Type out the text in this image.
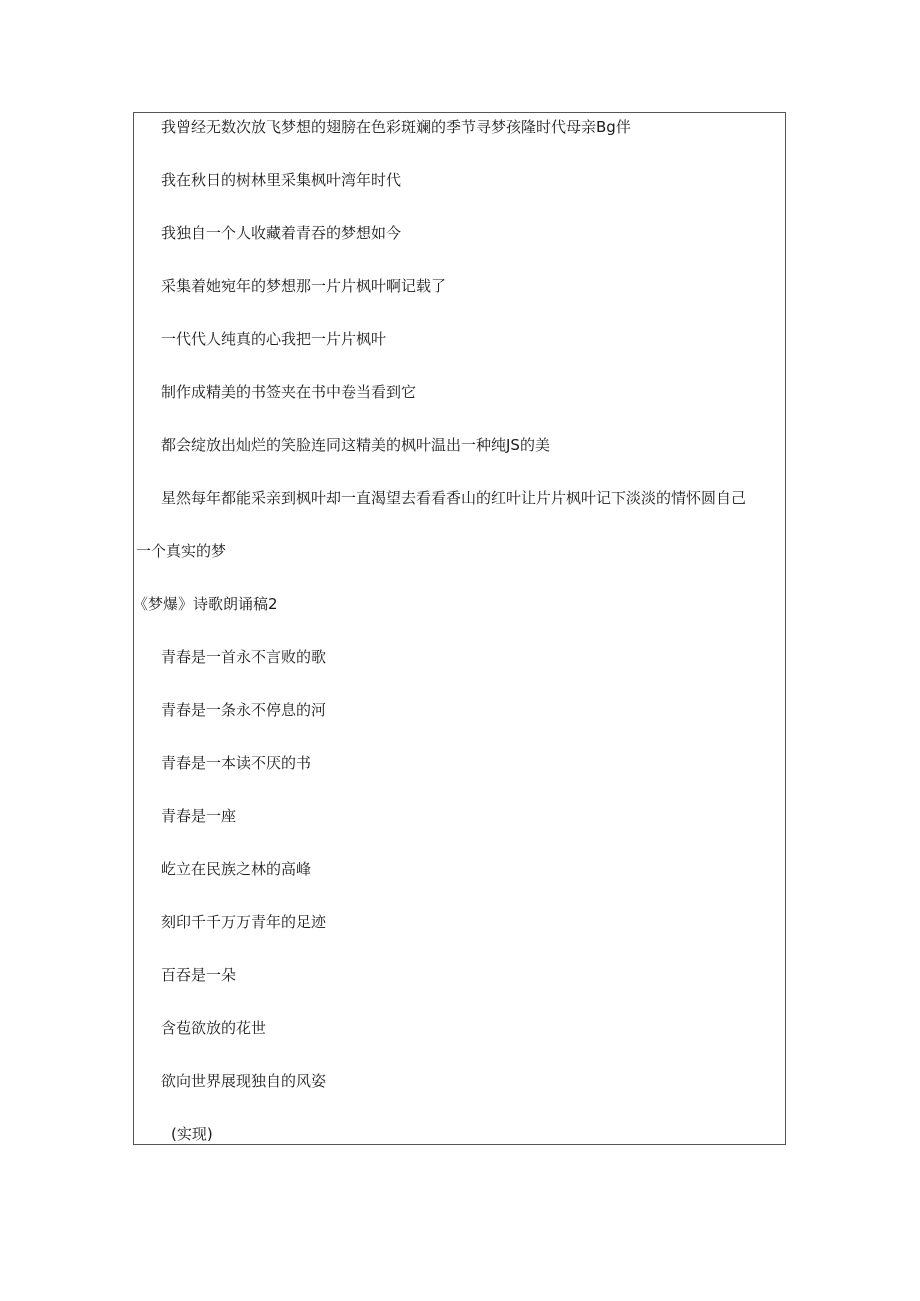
我曾经无数次放飞梦想的翅膀在色彩斑斓的季节寻梦孩隆时代母亲Bg伴
我在秋日的树林里采集枫叶湾年时代
我独自一个人收藏着青吞的梦想如今
采集着她宛年的梦想那一片片枫叶啊记载了
一代代人纯真的心我把一片片枫叶
制作成精美的书签夹在书中卷当看到它
都会绽放出灿烂的笑脸连同这精美的枫叶温出一种纯JS的美
星然每年都能采亲到枫叶却一直渴望去看看香山的红叶让片片枫叶记下淡淡的情怀圆自己
一个真实的梦
《梦爆》诗歌朗诵稿2
青春是一首永不言败的歌
青春是一条永不停息的河
青春是一本读不厌的书
青春是一座
屹立在民族之林的高峰
刻印千千万万青年的足迹
百吞是一朵
含苞欲放的花世
欲向世界展现独自的风姿
(实现)
